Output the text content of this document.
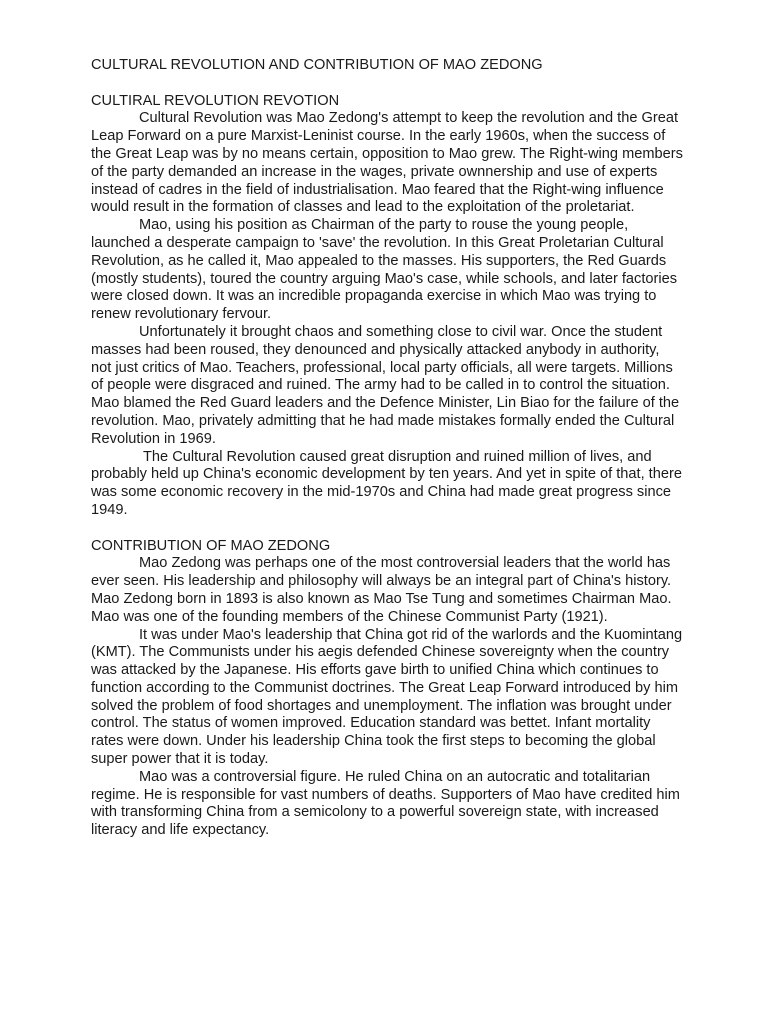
CULTURAL REVOLUTION AND CONTRIBUTION OF MAO ZEDONG
CULTIRAL REVOLUTION REVOTION

Cultural Revolution was Mao Zedong's attempt to keep the revolution and the Great Leap Forward on a pure Marxist-Leninist course. In the early 1960s, when the success of the Great Leap was by no means certain, opposition to Mao grew. The Right-wing members of the party demanded an increase in the wages, private ownnership and use of experts instead of cadres in the field of industrialisation. Mao feared that the Right-wing influence would result in the formation of classes and lead to the exploitation of the proletariat.

Mao, using his position as Chairman of the party to rouse the young people, launched a desperate campaign to 'save' the revolution. In this Great Proletarian Cultural Revolution, as he called it, Mao appealed to the masses. His supporters, the Red Guards (mostly students), toured the country arguing Mao's case, while schools, and later factories were closed down. It was an incredible propaganda exercise in which Mao was trying to renew revolutionary fervour.

Unfortunately it brought chaos and something close to civil war. Once the student masses had been roused, they denounced and physically attacked anybody in authority, not just critics of Mao. Teachers, professional, local party officials, all were targets. Millions of people were disgraced and ruined. The army had to be called in to control the situation. Mao blamed the Red Guard leaders and the Defence Minister, Lin Biao for the failure of the revolution. Mao, privately admitting that he had made mistakes formally ended the Cultural Revolution in 1969.

The Cultural Revolution caused great disruption and ruined million of lives, and probably held up China's economic development by ten years. And yet in spite of that, there was some economic recovery in the mid-1970s and China had made great progress since 1949.

CONTRIBUTION OF MAO ZEDONG

Mao Zedong was perhaps one of the most controversial leaders that the world has ever seen. His leadership and philosophy will always be an integral part of China's history. Mao Zedong born in 1893 is also known as Mao Tse Tung and sometimes Chairman Mao. Mao was one of the founding members of the Chinese Communist Party (1921).

It was under Mao's leadership that China got rid of the warlords and the Kuomintang (KMT). The Communists under his aegis defended Chinese sovereignty when the country was attacked by the Japanese. His efforts gave birth to unified China which continues to function according to the Communist doctrines. The Great Leap Forward introduced by him solved the problem of food shortages and unemployment. The inflation was brought under control. The status of women improved. Education standard was bettet. Infant mortality rates were down. Under his leadership China took the first steps to becoming the global super power that it is today.

Mao was a controversial figure. He ruled China on an autocratic and totalitarian regime. He is responsible for vast numbers of deaths. Supporters of Mao have credited him with transforming China from a semicolony to a powerful sovereign state, with increased literacy and life expectancy.
